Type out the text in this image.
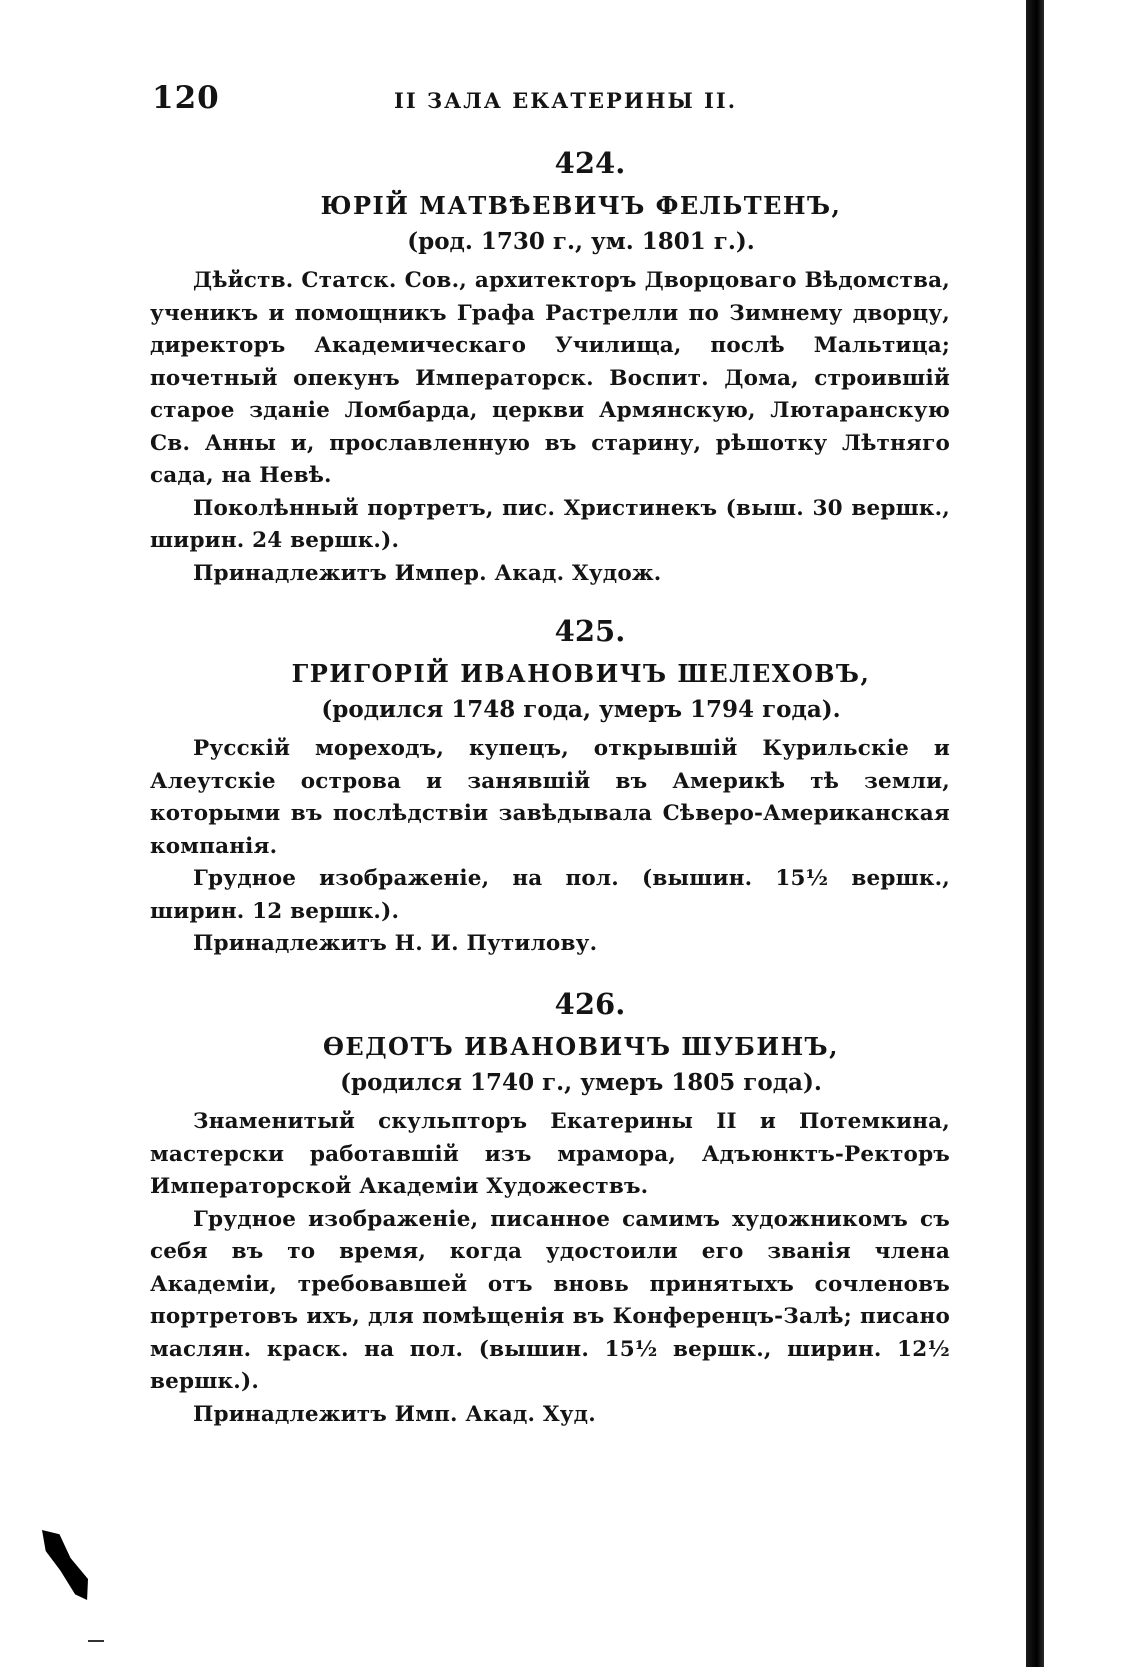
120	II ЗАЛА ЕКАТЕРИНЫ II.
424.
ЮРІЙ МАТВѢЕВИЧЪ ФЕЛЬТЕНЪ,
(род. 1730 г., ум. 1801 г.).

Дѣйств. Статск. Сов., архитекторъ Дворцоваго Вѣдомства, ученикъ и помощникъ Графа Растрелли по Зимнему дворцу, директоръ Академическаго Училища, послѣ Мальтица; почетный опекунъ Императорск. Воспит. Дома, строившій старое зданіе Ломбарда, церкви Армянскую, Лютаранскую Св. Анны и, прославленную въ старину, рѣшотку Лѣтняго сада, на Невѣ.

Поколѣнный портретъ, пис. Христинекъ (выш. 30 вершк., ширин. 24 вершк.).

Принадлежитъ Импер. Акад. Худож.

425.
ГРИГОРІЙ ИВАНОВИЧЪ ШЕЛЕХОВЪ,
(родился 1748 года, умеръ 1794 года).

Русскій мореходъ, купецъ, открывшій Курильскіе и Алеутскіе острова и занявшій въ Америкѣ тѣ земли, которыми въ послѣдствіи завѣдывала Сѣверо-Американская компанія.

Грудное изображеніе, на пол. (вышин. 15½ вершк., ширин. 12 вершк.).

Принадлежитъ Н. И. Путилову.

426.
ѲЕДОТЪ ИВАНОВИЧЪ ШУБИНЪ,
(родился 1740 г., умеръ 1805 года).

Знаменитый скульпторъ Екатерины II и Потемкина, мастерски работавшій изъ мрамора, Адъюнктъ-Ректоръ Императорской Академіи Художествъ.

Грудное изображеніе, писанное самимъ художникомъ съ себя въ то время, когда удостоили его званія члена Академіи, требовавшей отъ вновь принятыхъ сочленовъ портретовъ ихъ, для помѣщенія въ Конференцъ-Залѣ; писано маслян. краск. на пол. (вышин. 15½ вершк., ширин. 12½ вершк.).

Принадлежитъ Имп. Акад. Худ.
